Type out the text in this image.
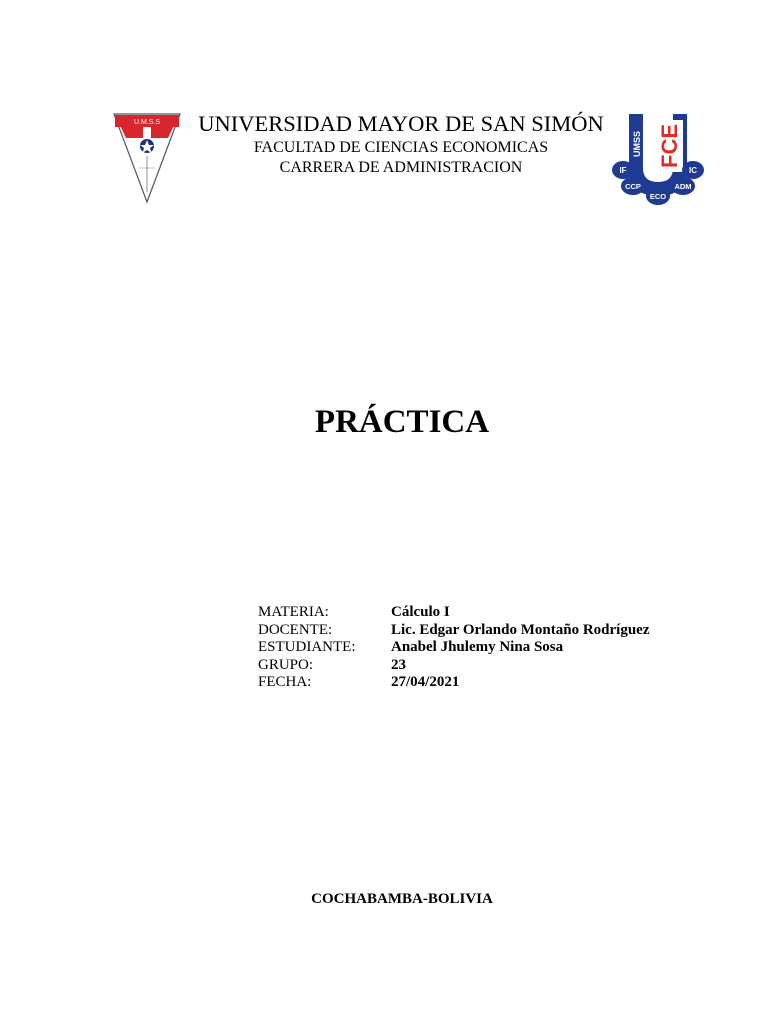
U.M.S.S	UNIVERSIDAD MAYOR DE SAN SIMÓN
FACULTAD DE CIENCIAS ECONOMICAS
CARRERA DE ADMINISTRACION	FCE
UMSS
IF	IC
CCP	ADM
ECO
PRÁCTICA
MATERIA:	Cálculo I
DOCENTE:	Lic. Edgar Orlando Montaño Rodríguez
ESTUDIANTE:	Anabel Jhulemy Nina Sosa
GRUPO:	23
FECHA:	27/04/2021
COCHABAMBA-BOLIVIA
